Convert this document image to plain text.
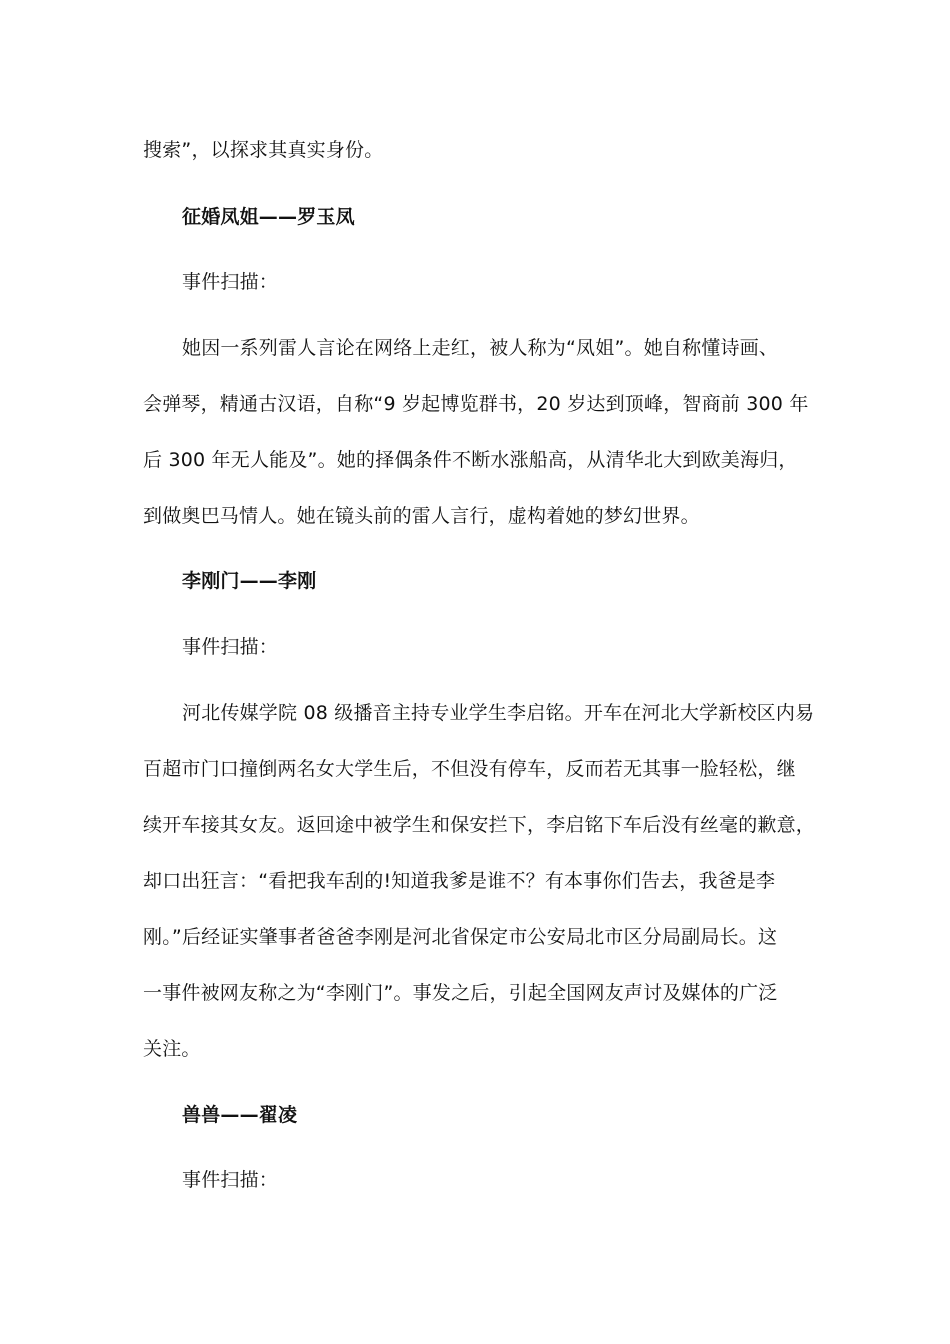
搜索”，以探求其真实身份。
征婚凤姐——罗玉凤
事件扫描：
她因一系列雷人言论在网络上走红，被人称为“凤姐”。她自称懂诗画、
会弹琴，精通古汉语，自称“9 岁起博览群书，20 岁达到顶峰，智商前 300 年
后 300 年无人能及”。她的择偶条件不断水涨船高，从清华北大到欧美海归，
到做奥巴马情人。她在镜头前的雷人言行，虚构着她的梦幻世界。
李刚门——李刚
事件扫描：
河北传媒学院 08 级播音主持专业学生李启铭。开车在河北大学新校区内易
百超市门口撞倒两名女大学生后，不但没有停车，反而若无其事一脸轻松，继
续开车接其女友。返回途中被学生和保安拦下，李启铭下车后没有丝毫的歉意，
却口出狂言：“看把我车刮的!知道我爹是谁不？有本事你们告去，我爸是李
刚。”后经证实肇事者爸爸李刚是河北省保定市公安局北市区分局副局长。这
一事件被网友称之为“李刚门”。事发之后，引起全国网友声讨及媒体的广泛
关注。
兽兽——翟凌
事件扫描：
